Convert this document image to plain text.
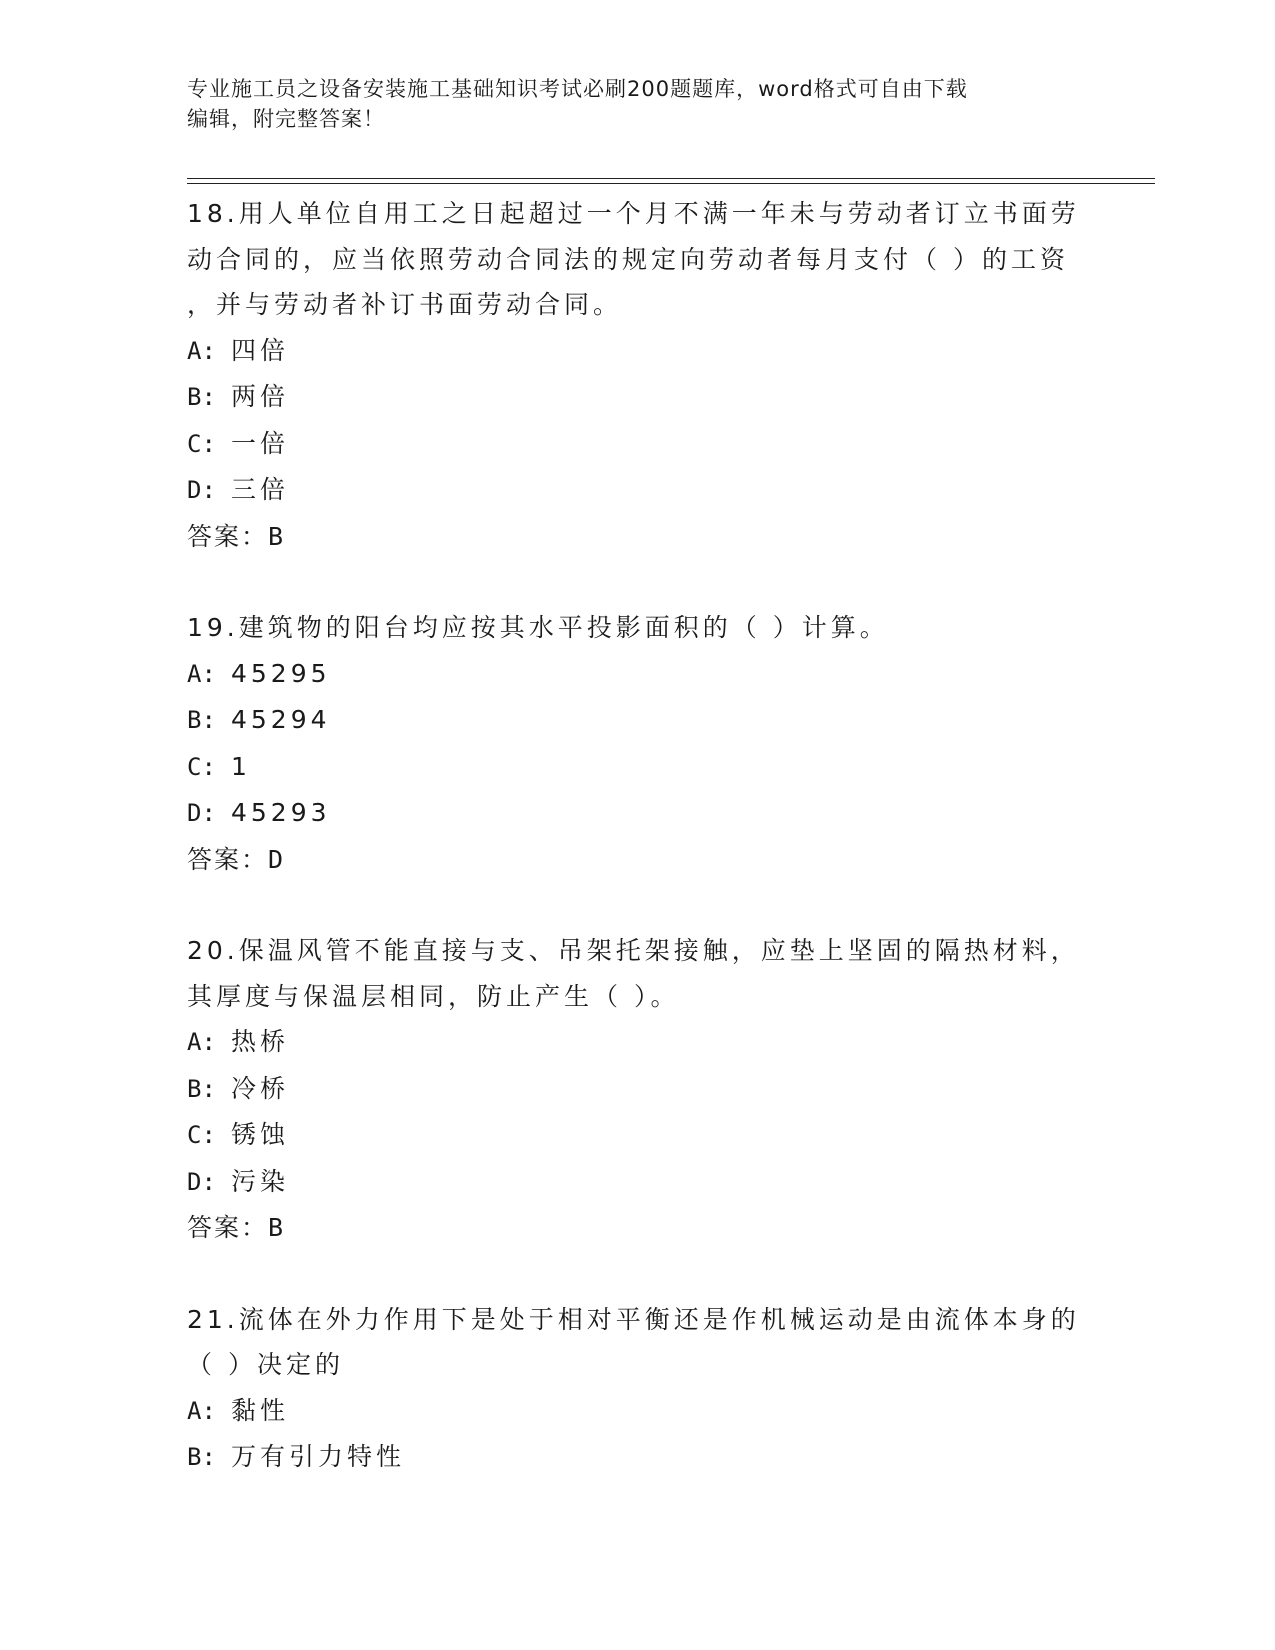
专业施工员之设备安装施工基础知识考试必刷200题题库，word格式可自由下载
编辑，附完整答案！
18.用人单位自用工之日起超过一个月不满一年未与劳动者订立书面劳
动合同的，应当依照劳动合同法的规定向劳动者每月支付（ ）的工资
，并与劳动者补订书面劳动合同。
A: 四倍
B: 两倍
C: 一倍
D: 三倍
答案：B
19.建筑物的阳台均应按其水平投影面积的（ ）计算。
A: 45295
B: 45294
C: 1
D: 45293
答案：D
20.保温风管不能直接与支、吊架托架接触，应垫上坚固的隔热材料，
其厚度与保温层相同，防止产生（ ）。
A: 热桥
B: 冷桥
C: 锈蚀
D: 污染
答案：B
21.流体在外力作用下是处于相对平衡还是作机械运动是由流体本身的
（ ）决定的
A: 黏性
B: 万有引力特性
